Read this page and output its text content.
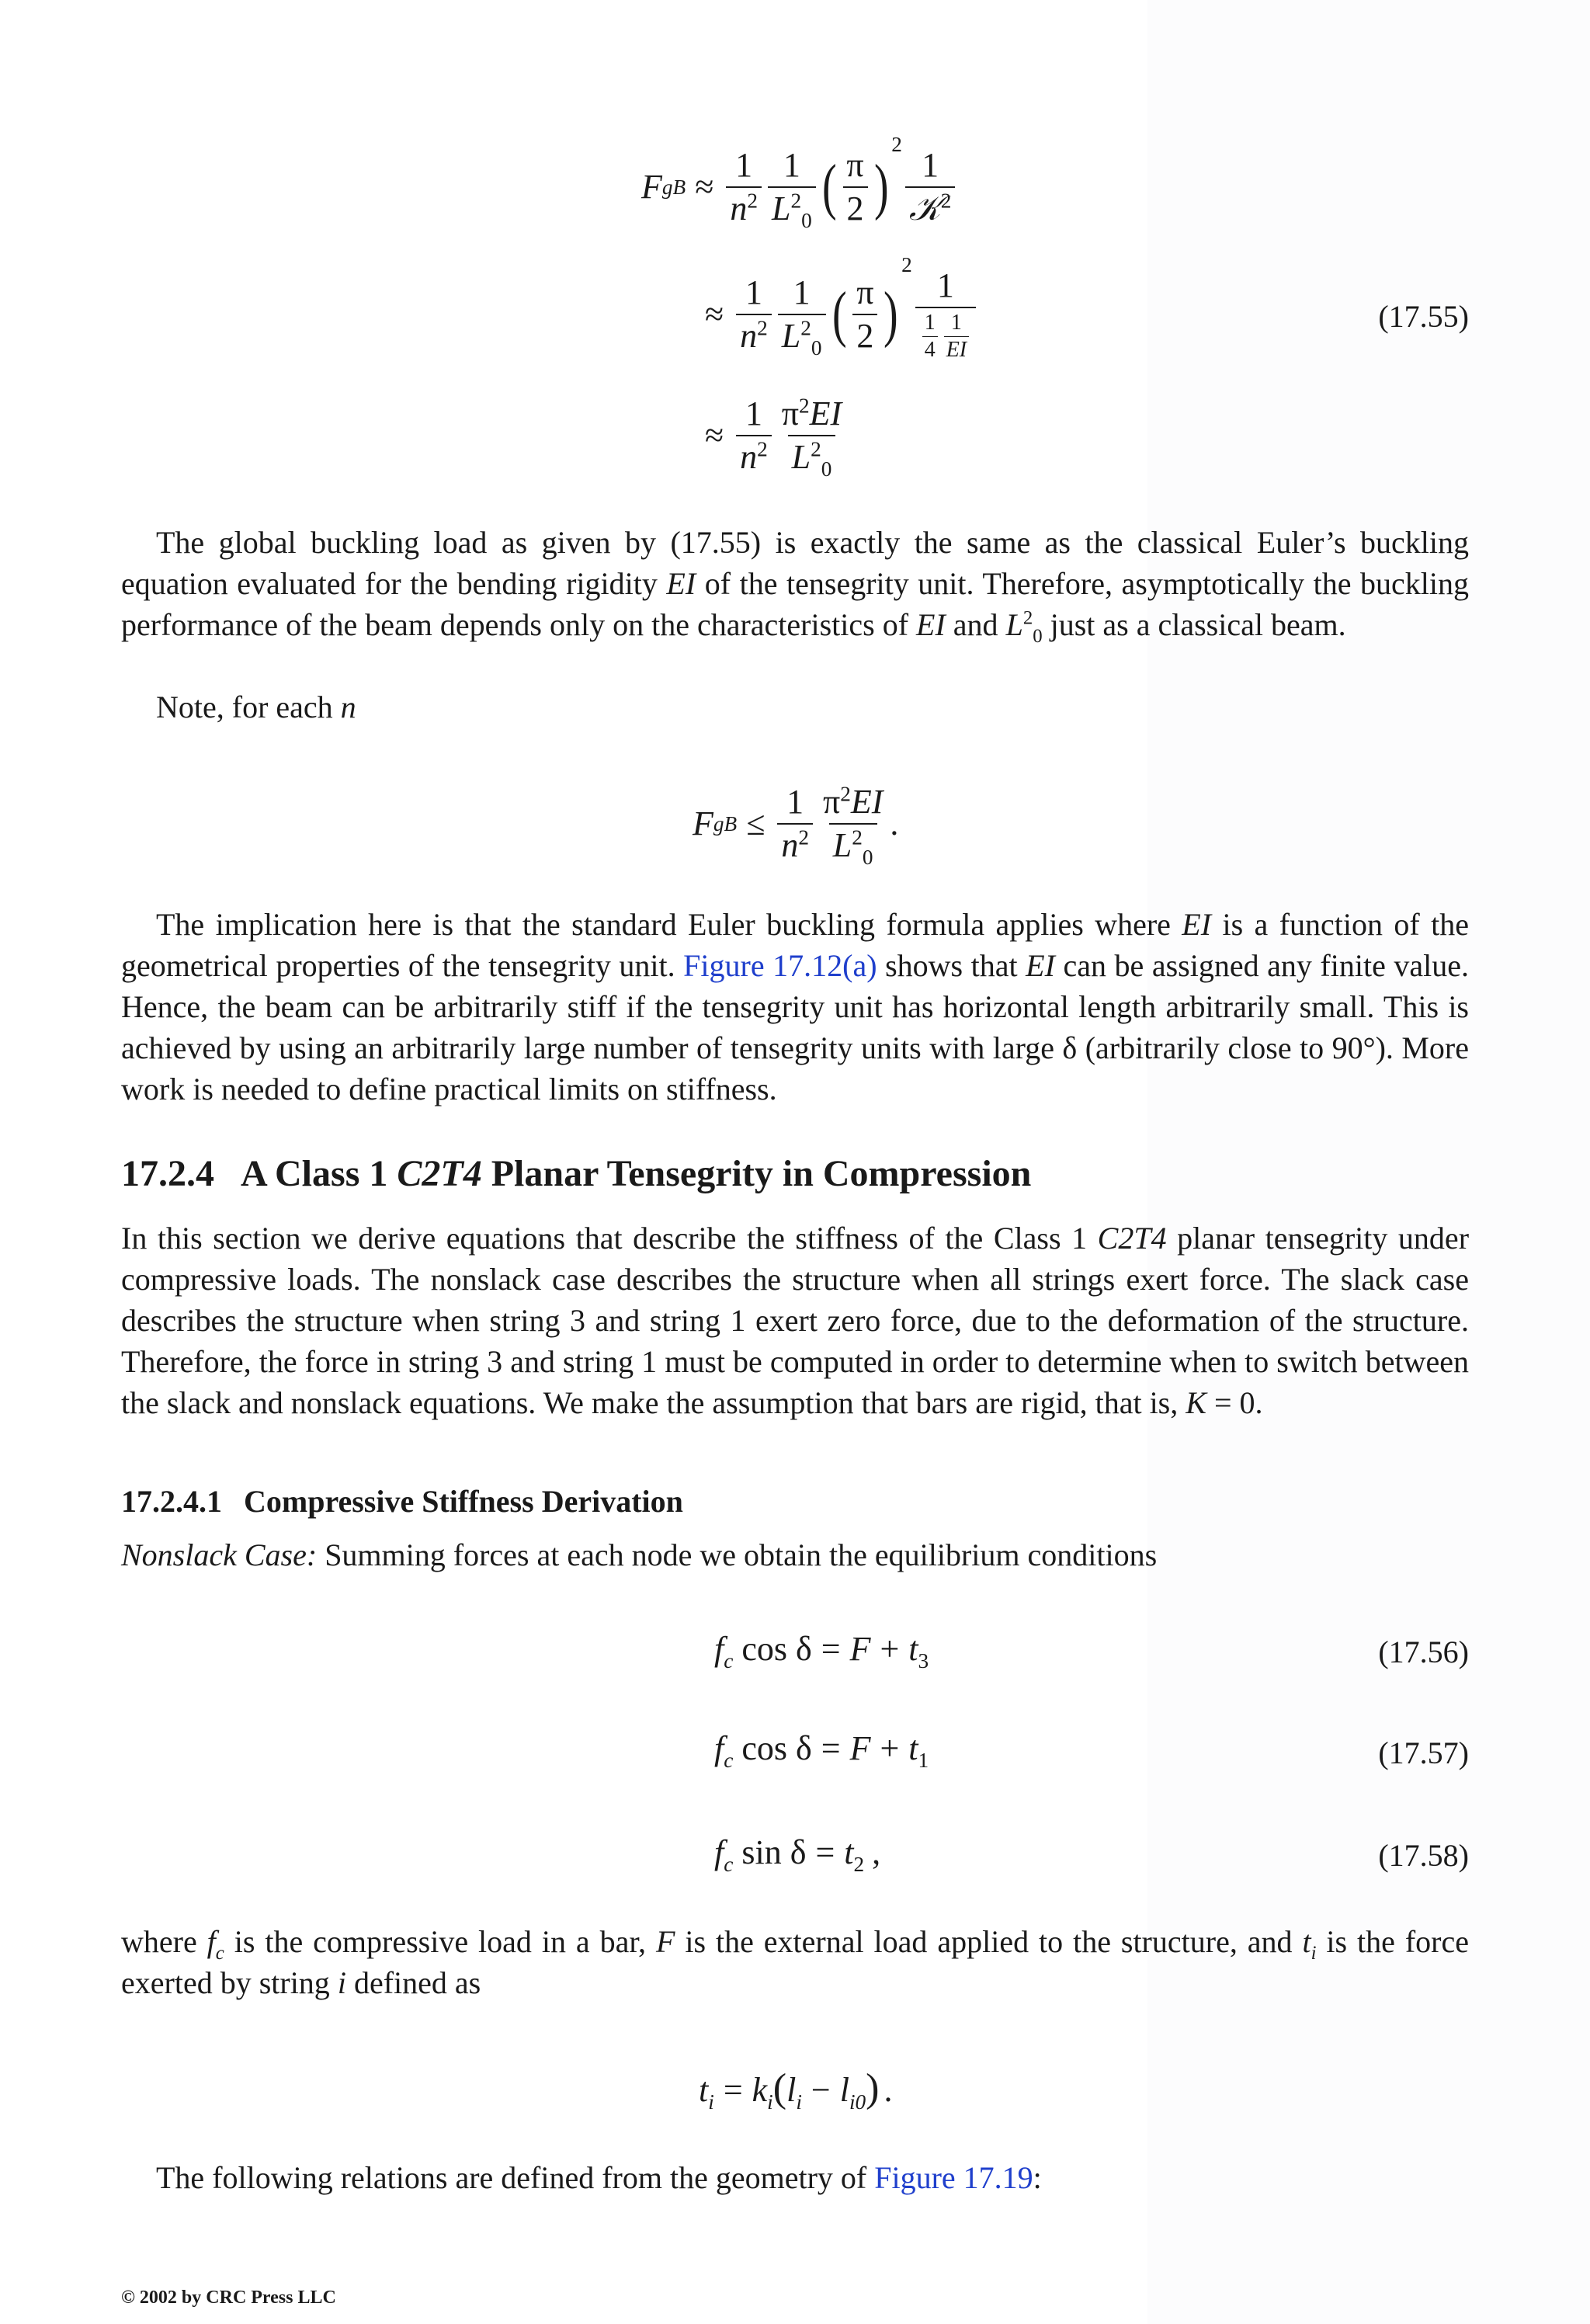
F gB ≈ $\frac{1}{n^2} \frac{1}{L^2_0}$ ( $\frac{\pi}{2}$ )
2
$\frac{1}{𝒦^2}$
≈ $\frac{1}{n^2} \frac{1}{L^2_0}$ ( $\frac{\pi}{2}$ )
2
$\frac{1}{\frac{1}{4} \frac{1}{EI}}$	(17.55)
≈ $\frac{1}{n^2} \frac{\pi^2EI}{L^2_0}$
The global buckling load as given by (17.55) is exactly the same as the classical Euler’s buckling equation evaluated for the bending rigidity EI of the tensegrity unit. Therefore, asymptotically the buckling performance of the beam depends only on the characteristics of EI and $L^2_0$ just as a classical beam.
Note, for each n
F gB ≤ $\frac{1}{n^2} \frac{\pi^2EI}{L^2_0}$ .
The implication here is that the standard Euler buckling formula applies where EI is a function of the geometrical properties of the tensegrity unit. Figure 17.12(a) shows that EI can be assigned any finite value. Hence, the beam can be arbitrarily stiff if the tensegrity unit has horizontal length arbitrarily small. This is achieved by using an arbitrarily large number of tensegrity units with large δ (arbitrarily close to 90°). More work is needed to define practical limits on stiffness.
17.2.4 A Class 1 C2T4 Planar Tensegrity in Compression
In this section we derive equations that describe the stiffness of the Class 1 C2T4 planar tensegrity under compressive loads. The nonslack case describes the structure when all strings exert force. The slack case describes the structure when string 3 and string 1 exert zero force, due to the deformation of the structure. Therefore, the force in string 3 and string 1 must be computed in order to determine when to switch between the slack and nonslack equations. We make the assumption that bars are rigid, that is, K = 0.
17.2.4.1 Compressive Stiffness Derivation
Nonslack Case: Summing forces at each node we obtain the equilibrium conditions
$f_c$ $\cos \delta = F + t_3$	(17.56)
$f_c$ $\cos \delta = F + t_1$	(17.57)
$f_c$ $\sin \delta = t_2$ ,	(17.58)
where $f_c$ is the compressive load in a bar, F is the external load applied to the structure, and $t_i$ is the force exerted by string i defined as
$t_i = k_i(l_i - l_{i0})$ .
The following relations are defined from the geometry of Figure 17.19:
© 2002 by CRC Press LLC
